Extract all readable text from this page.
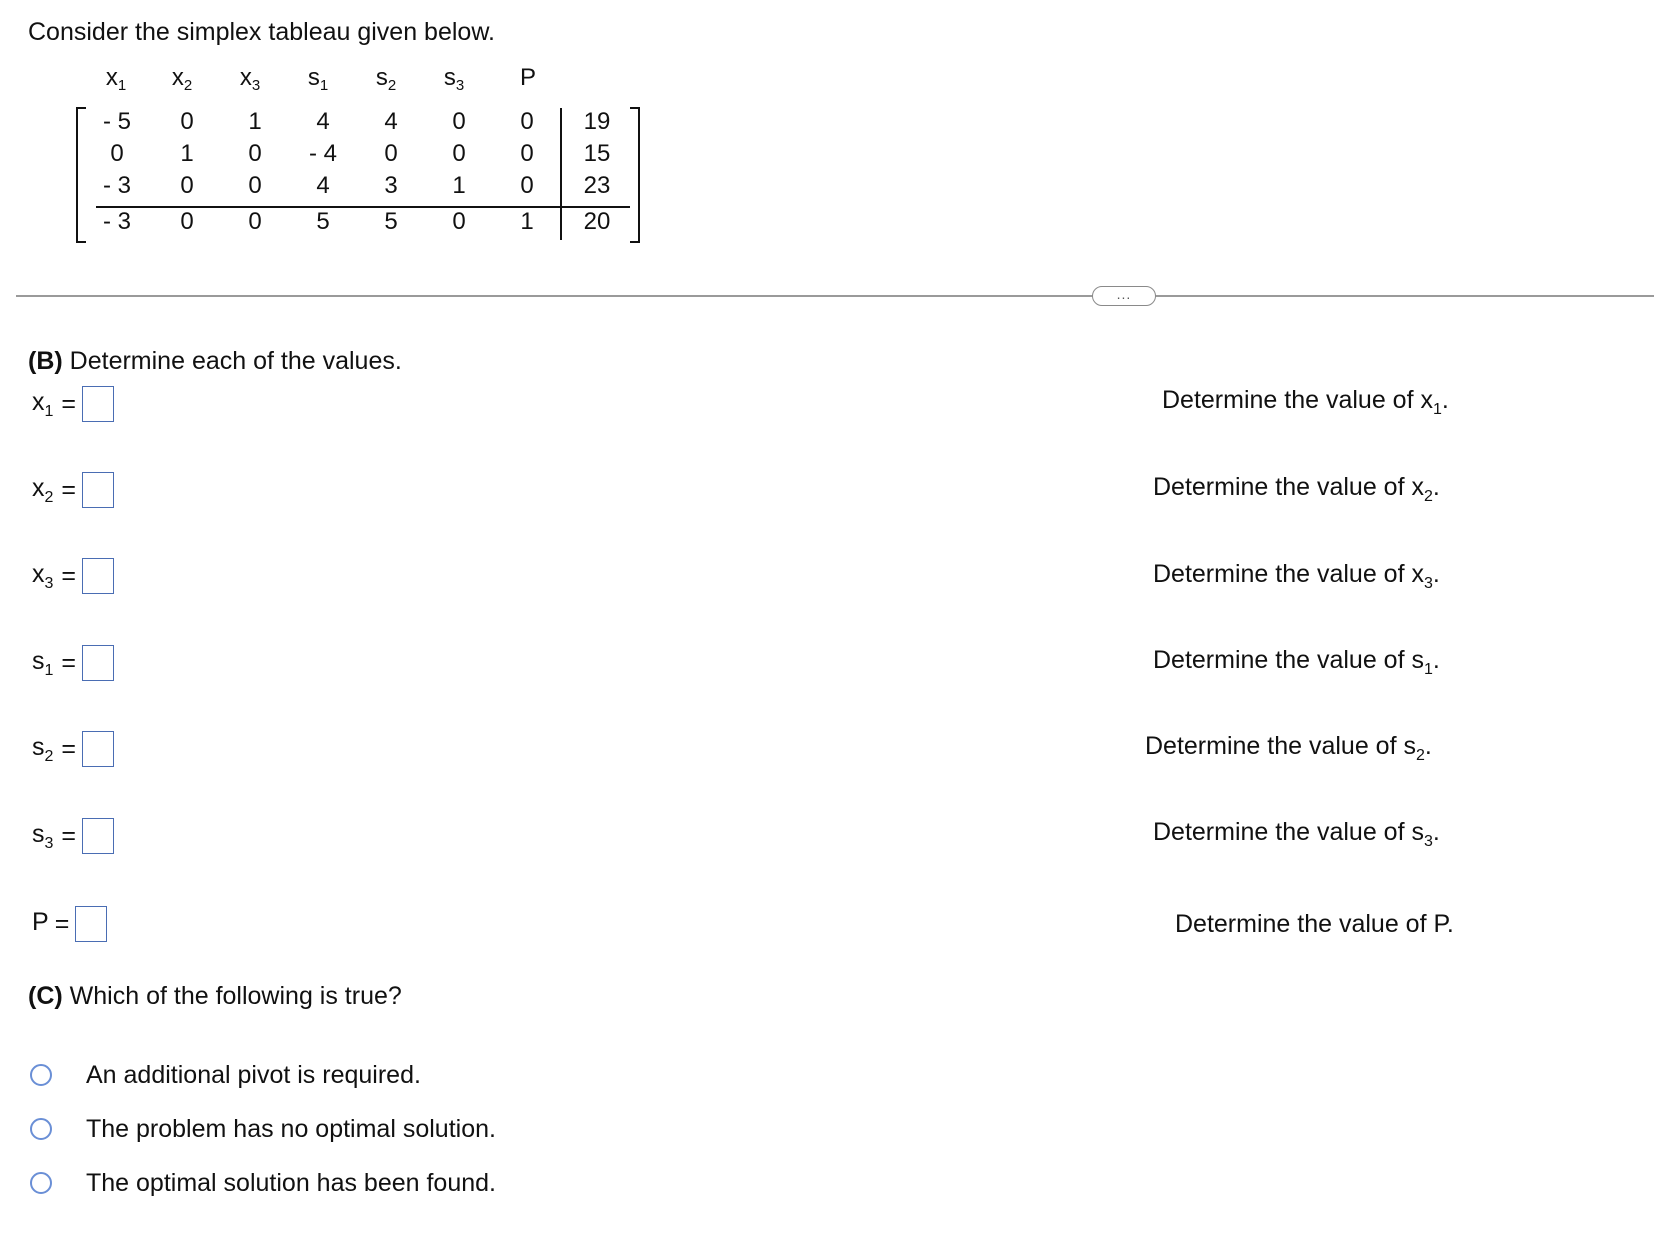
Consider the simplex tableau given below.
$x_1$	$x_2$	$x_3$	$s_1$	$s_2$	$s_3$	P
- 5	0	1	4	4	0	0	19
0	1	0	- 4	0	0	0	15
- 3	0	0	4	3	1	0	23
- 3	0	0	5	5	0	1	20
...
(B) Determine each of the values.
$x_1$ =	Determine the value of $x_1$.
$x_2$ =	Determine the value of $x_2$.
$x_3$ =	Determine the value of $x_3$.
$s_1$ =	Determine the value of $s_1$.
$s_2$ =	Determine the value of $s_2$.
$s_3$ =	Determine the value of $s_3$.
P =	Determine the value of P.
(C) Which of the following is true?
An additional pivot is required.
The problem has no optimal solution.
The optimal solution has been found.
